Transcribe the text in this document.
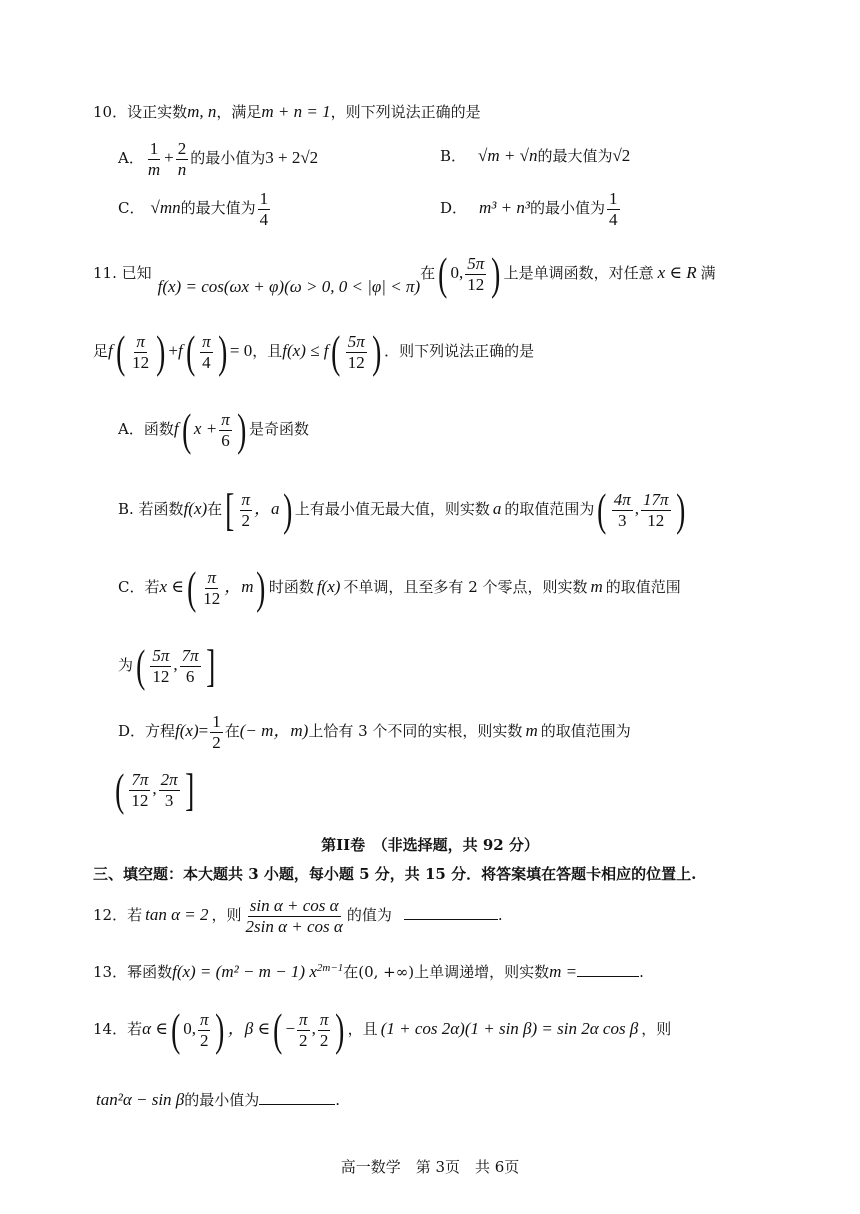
10．设正实数m, n，满足m + n = 1，则下列说法正确的是
A． $\frac{1}{m} + \frac{2}{n}$ 的最小值为3 + 2√2	B． √m + √n的最大值为√2
C． √mn的最大值为 $\frac{1}{4}$	D． m³ + n³的最小值为 $\frac{1}{4}$
11. 已知f(x) = cos(ωx + φ)(ω > 0, 0 < |φ| < π)在( 0, $\frac{5\pi}{12}$ ) 上是单调函数，对任意 x ∈ R 满
足$f( \frac{\pi}{12}$ ) $+f( \frac{\pi}{4}$ ) = 0，且$f(x) \le f( \frac{5\pi}{12}$ ) ．则下列说法正确的是
A．函数f( $x + \frac{\pi}{6}$ ) 是奇函数
B. 若函数f(x)在[ $\frac{\pi}{2}$ ，a) 上有最小值无最大值，则实数 a 的取值范围为( $\frac{4\pi}{3}$ , $\frac{17\pi}{12}$ )
C．若x ∈( $\frac{\pi}{12}$ ，m) 时函数 f(x) 不单调，且至多有 2 个零点，则实数 m 的取值范围
为( $\frac{5\pi}{12}$ , $\frac{7\pi}{6}$ ]
D．方程$f(x)= \frac{1}{2}$ 在(− m，m)上恰有 3 个不同的实根，则实数 m 的取值范围为
( $\frac{7\pi}{12}$ , $\frac{2\pi}{3}$ ]
第II卷　（非选择题，共 92 分）
三、填空题：本大题共 3 小题，每小题 5 分，共 15 分．将答案填在答题卡相应的位置上.
12．若 tan α = 2 ，则 $\frac{\text{sin α + cos α}}{\text{2sin α + cos α}}$ 的值为	.
13．幂函数f(x) = (m² − m − 1) $x^{2m-1}$在(0, +∞)上单调递增，则实数m =	.
14．若α ∈( 0, $\frac{\pi}{2}$ ) ，β ∈( − $\frac{\pi}{2}$ , $\frac{\pi}{2}$ ) ，且 (1 + cos 2α)(1 + sin β) = sin 2α cos β ，则
tan²α − sin β的最小值为	.
高一数学　第 3页　共 6页
